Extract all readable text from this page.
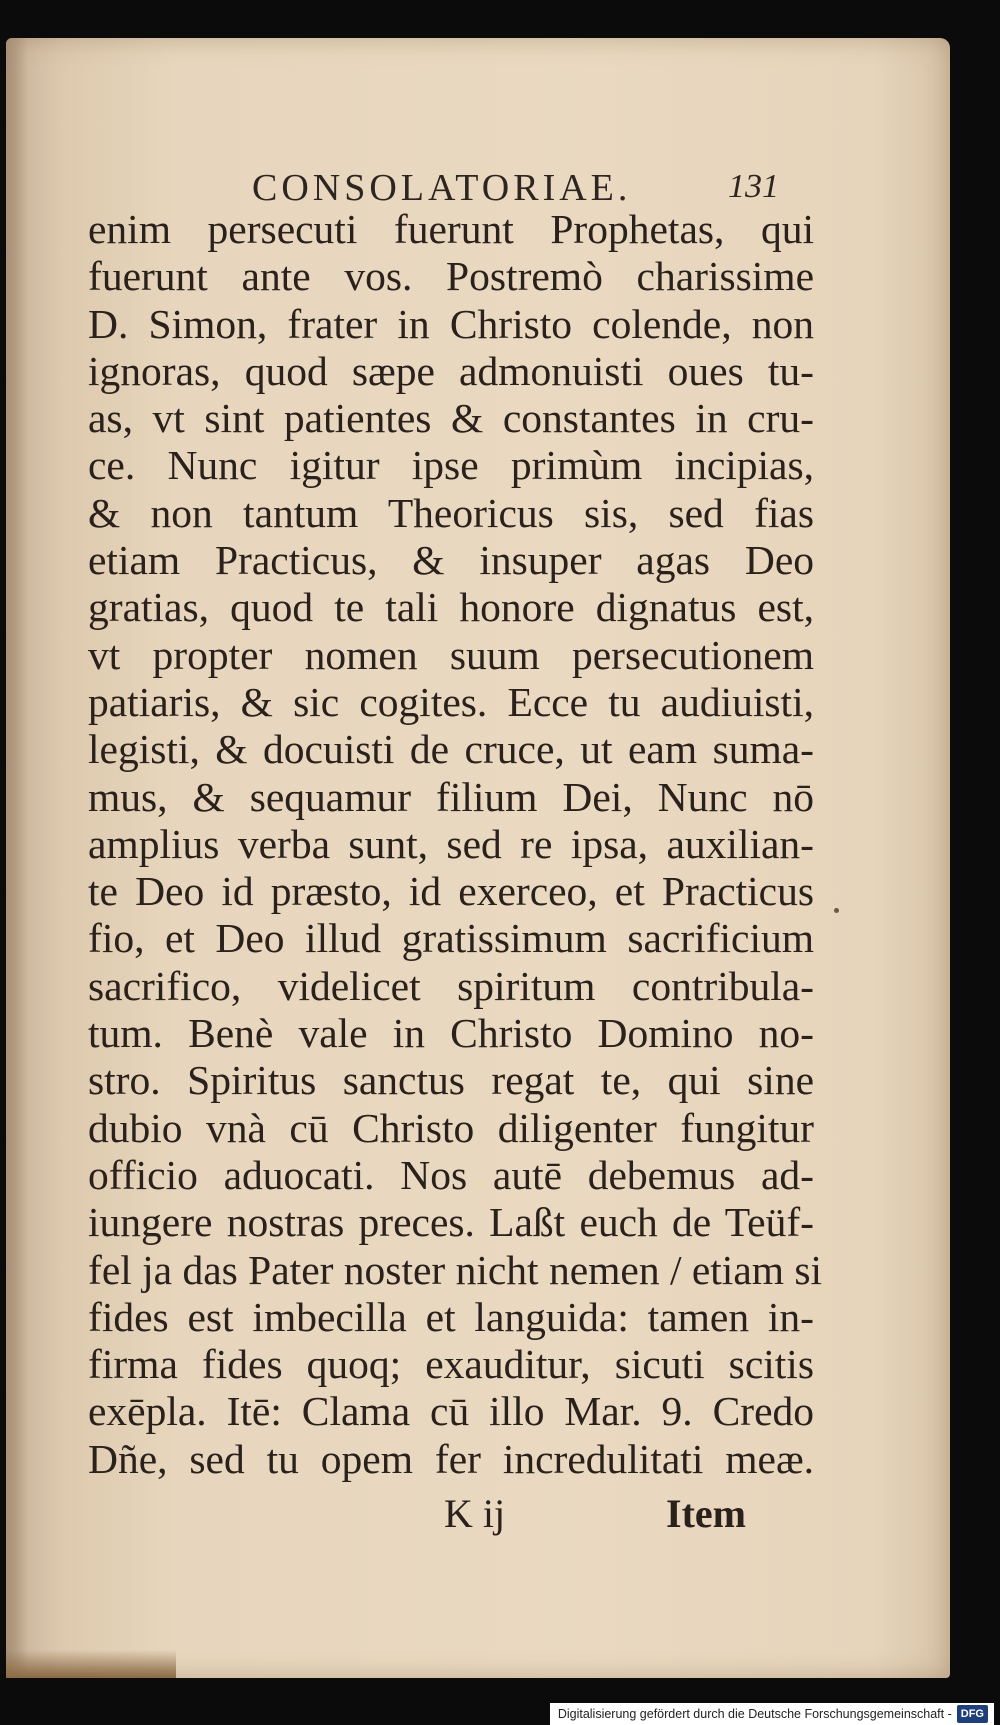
CONSOLATORIAE.	131
enim persecuti fuerunt Prophetas, qui
fuerunt ante vos. Postremò charissime
D. Simon, frater in Christo colende, non
ignoras, quod sæpe admonuisti oues tu-
as, vt sint patientes & constantes in cru-
ce. Nunc igitur ipse primùm incipias,
& non tantum Theoricus sis, sed fias
etiam Practicus, & insuper agas Deo
gratias, quod te tali honore dignatus est,
vt propter nomen suum persecutionem
patiaris, & sic cogites. Ecce tu audiuisti,
legisti, & docuisti de cruce, ut eam suma-
mus, & sequamur filium Dei, Nunc nō
amplius verba sunt, sed re ipsa, auxilian-
te Deo id præsto, id exerceo, et Practicus
fio, et Deo illud gratissimum sacrificium
sacrifico, videlicet spiritum contribula-
tum. Benè vale in Christo Domino no-
stro. Spiritus sanctus regat te, qui sine
dubio vnà cū Christo diligenter fungitur
officio aduocati. Nos autē debemus ad-
iungere nostras preces. Laßt euch de Teüf-
fel ja das Pater noster nicht nemen / etiam si
fides est imbecilla et languida: tamen in-
firma fides quoq; exauditur, sicuti scitis
exēpla. Itē: Clama cū illo Mar. 9. Credo
Dñe, sed tu opem fer incredulitati meæ.
K ij	Item
Digitalisierung gefördert durch die Deutsche Forschungsgemeinschaft - DFG
